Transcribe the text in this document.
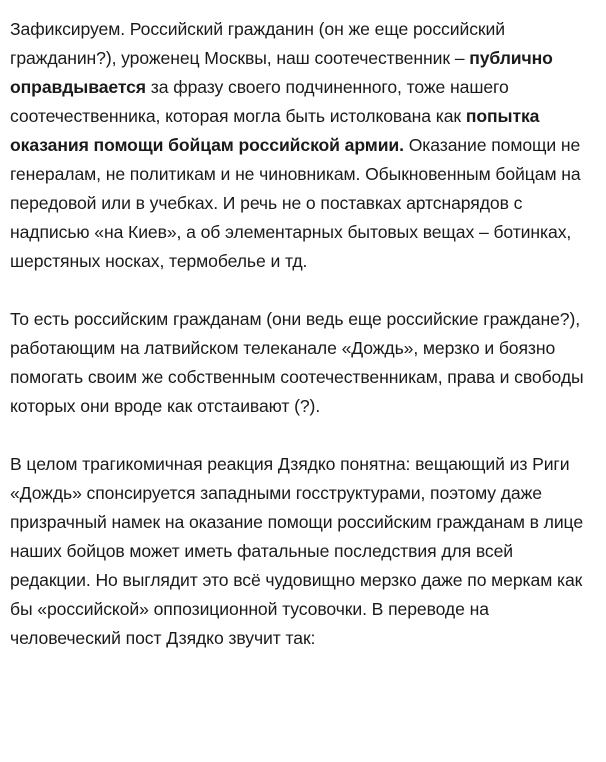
Зафиксируем. Российский гражданин (он же еще российский гражданин?), уроженец Москвы, наш соотечественник – публично оправдывается за фразу своего подчиненного, тоже нашего соотечественника, которая могла быть истолкована как попытка оказания помощи бойцам российской армии. Оказание помощи не генералам, не политикам и не чиновникам. Обыкновенным бойцам на передовой или в учебках. И речь не о поставках артснарядов с надписью «на Киев», а об элементарных бытовых вещах – ботинках, шерстяных носках, термобелье и тд.

То есть российским гражданам (они ведь еще российские граждане?), работающим на латвийском телеканале «Дождь», мерзко и боязно помогать своим же собственным соотечественникам, права и свободы которых они вроде как отстаивают (?).

В целом трагикомичная реакция Дзядко понятна: вещающий из Риги «Дождь» спонсируется западными госструктурами, поэтому даже призрачный намек на оказание помощи российским гражданам в лице наших бойцов может иметь фатальные последствия для всей редакции. Но выглядит это всё чудовищно мерзко даже по меркам как бы «российской» оппозиционной тусовочки. В переводе на человеческий пост Дзядко звучит так:
